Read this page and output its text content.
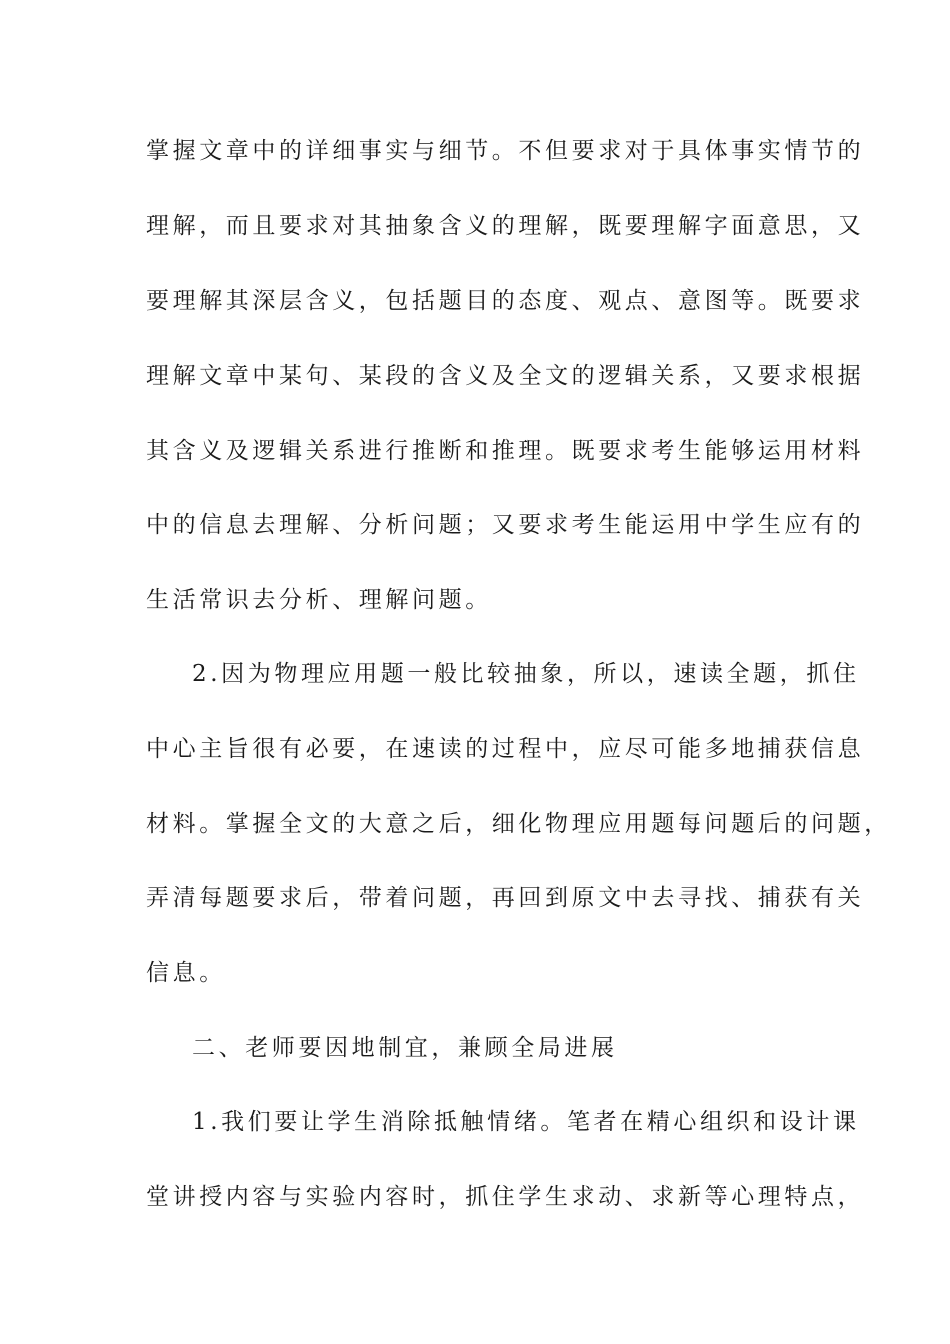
掌握文章中的详细事实与细节。不但要求对于具体事实情节的
理解，而且要求对其抽象含义的理解，既要理解字面意思，又
要理解其深层含义，包括题目的态度、观点、意图等。既要求
理解文章中某句、某段的含义及全文的逻辑关系，又要求根据
其含义及逻辑关系进行推断和推理。既要求考生能够运用材料
中的信息去理解、分析问题；又要求考生能运用中学生应有的
生活常识去分析、理解问题。
2.因为物理应用题一般比较抽象，所以，速读全题，抓住
中心主旨很有必要，在速读的过程中，应尽可能多地捕获信息
材料。掌握全文的大意之后，细化物理应用题每问题后的问题，
弄清每题要求后，带着问题，再回到原文中去寻找、捕获有关
信息。
二、老师要因地制宜，兼顾全局进展
1.我们要让学生消除抵触情绪。笔者在精心组织和设计课
堂讲授内容与实验内容时，抓住学生求动、求新等心理特点，
